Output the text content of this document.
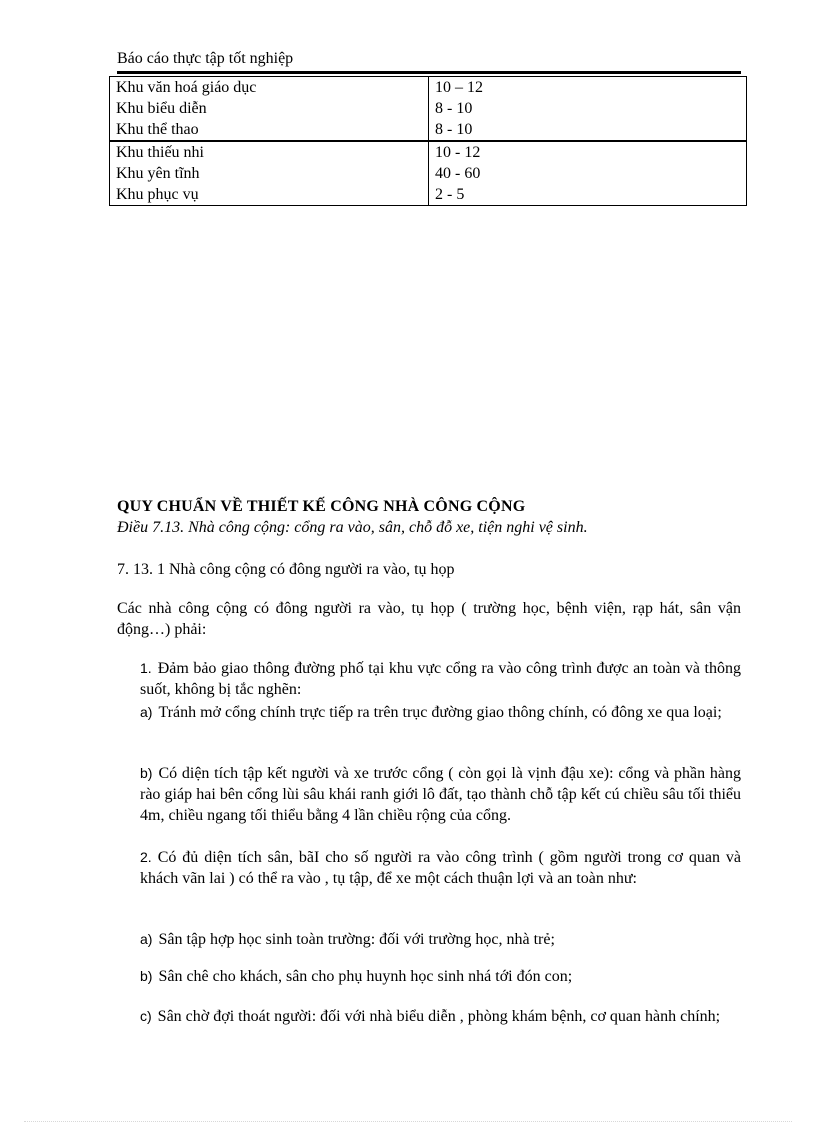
Báo cáo thực tập tốt nghiệp
Khu văn hoá giáo dục	10 – 12
Khu biểu diễn	8 - 10
Khu thể thao	8 - 10
Khu thiếu nhi	10 - 12
Khu yên tĩnh	40 - 60
Khu phục vụ	2 - 5
QUY CHUẨN VỀ THIẾT KẾ CÔNG NHÀ CÔNG CỘNG
Điều 7.13. Nhà công cộng: cổng ra vào, sân, chỗ đỗ xe, tiện nghi vệ sinh.
7. 13. 1 Nhà công cộng có đông người ra vào, tụ họp
Các nhà công cộng có đông người ra vào, tụ họp ( trường học, bệnh viện, rạp hát, sân vận động…) phải:
1. Đảm bảo giao thông đường phố tại khu vực cổng ra vào công trình được an toàn và thông suốt, không bị tắc nghẽn:
a) Tránh mở cổng chính trực tiếp ra trên trục đường giao thông chính, có đông xe qua loại;
b) Có diện tích tập kết người và xe trước cổng ( còn gọi là vịnh đậu xe): cổng và phần hàng rào giáp hai bên cổng lùi sâu khái ranh giới lô đất, tạo thành chỗ tập kết cú chiều sâu tối thiểu 4m, chiều ngang tối thiểu bằng 4 lần chiều rộng của cổng.
2. Có đủ diện tích sân, bãI cho số người ra vào công trình ( gồm người trong cơ quan và khách vãn lai ) có thể ra vào , tụ tập, để xe một cách thuận lợi và an toàn như:
a) Sân tập hợp học sinh toàn trường: đối với trường học, nhà trẻ;
b) Sân chê cho khách, sân cho phụ huynh học sinh nhá tới đón con;
c) Sân chờ đợi thoát người: đối với nhà biểu diễn , phòng khám bệnh, cơ quan hành chính;
